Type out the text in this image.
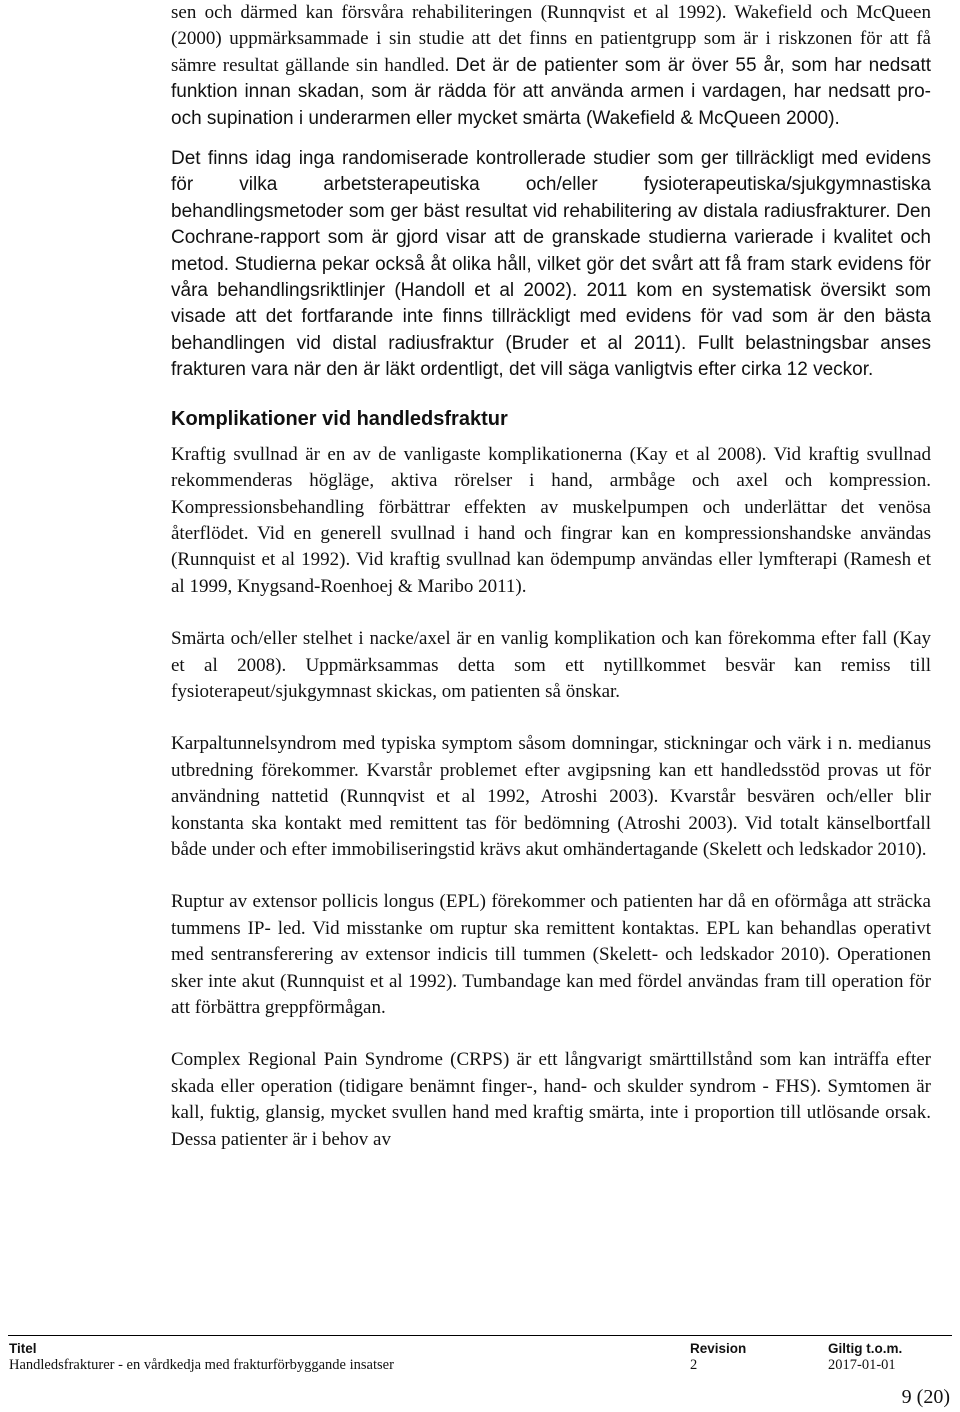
sen och därmed kan försvåra rehabiliteringen (Runnqvist et al 1992). Wakefield och McQueen (2000) uppmärksammade i sin studie att det finns en patientgrupp som är i riskzonen för att få sämre resultat gällande sin handled. Det är de patienter som är över 55 år, som har nedsatt funktion innan skadan, som är rädda för att använda armen i vardagen, har nedsatt pro- och supination i underarmen eller mycket smärta (Wakefield & McQueen 2000).

Det finns idag inga randomiserade kontrollerade studier som ger tillräckligt med evidens för vilka arbetsterapeutiska och/eller fysioterapeutiska/sjukgymnastiska behandlingsmetoder som ger bäst resultat vid rehabilitering av distala radiusfrakturer. Den Cochrane-rapport som är gjord visar att de granskade studierna varierade i kvalitet och metod. Studierna pekar också åt olika håll, vilket gör det svårt att få fram stark evidens för våra behandlingsriktlinjer (Handoll et al 2002). 2011 kom en systematisk översikt som visade att det fortfarande inte finns tillräckligt med evidens för vad som är den bästa behandlingen vid distal radiusfraktur (Bruder et al 2011). Fullt belastningsbar anses frakturen vara när den är läkt ordentligt, det vill säga vanligtvis efter cirka 12 veckor.

Komplikationer vid handledsfraktur

Kraftig svullnad är en av de vanligaste komplikationerna (Kay et al 2008). Vid kraftig svullnad rekommenderas högläge, aktiva rörelser i hand, armbåge och axel och kompression. Kompressionsbehandling förbättrar effekten av muskelpumpen och underlättar det venösa återflödet. Vid en generell svullnad i hand och fingrar kan en kompressionshandske användas (Runnquist et al 1992). Vid kraftig svullnad kan ödempump användas eller lymfterapi (Ramesh et al 1999, Knygsand-Roenhoej & Maribo 2011).

Smärta och/eller stelhet i nacke/axel är en vanlig komplikation och kan förekomma efter fall (Kay et al 2008). Uppmärksammas detta som ett nytillkommet besvär kan remiss till fysioterapeut/sjukgymnast skickas, om patienten så önskar.

Karpaltunnelsyndrom med typiska symptom såsom domningar, stickningar och värk i n. medianus utbredning förekommer. Kvarstår problemet efter avgipsning kan ett handledsstöd provas ut för användning nattetid (Runnqvist et al 1992, Atroshi 2003). Kvarstår besvären och/eller blir konstanta ska kontakt med remittent tas för bedömning (Atroshi 2003). Vid totalt känselbortfall både under och efter immobiliseringstid krävs akut omhändertagande (Skelett och ledskador 2010).

Ruptur av extensor pollicis longus (EPL) förekommer och patienten har då en oförmåga att sträcka tummens IP- led. Vid misstanke om ruptur ska remittent kontaktas. EPL kan behandlas operativt med sentransferering av extensor indicis till tummen (Skelett- och ledskador 2010). Operationen sker inte akut (Runnquist et al 1992). Tumbandage kan med fördel användas fram till operation för att förbättra greppförmågan.

Complex Regional Pain Syndrome (CRPS) är ett långvarigt smärttillstånd som kan inträffa efter skada eller operation (tidigare benämnt finger-, hand- och skulder syndrom - FHS). Symtomen är kall, fuktig, glansig, mycket svullen hand med kraftig smärta, inte i proportion till utlösande orsak. Dessa patienter är i behov av

Titel
Handledsfrakturer - en vårdkedja med frakturförbyggande insatser
Revision
2
Giltig t.o.m.
2017-01-01
9 (20)
